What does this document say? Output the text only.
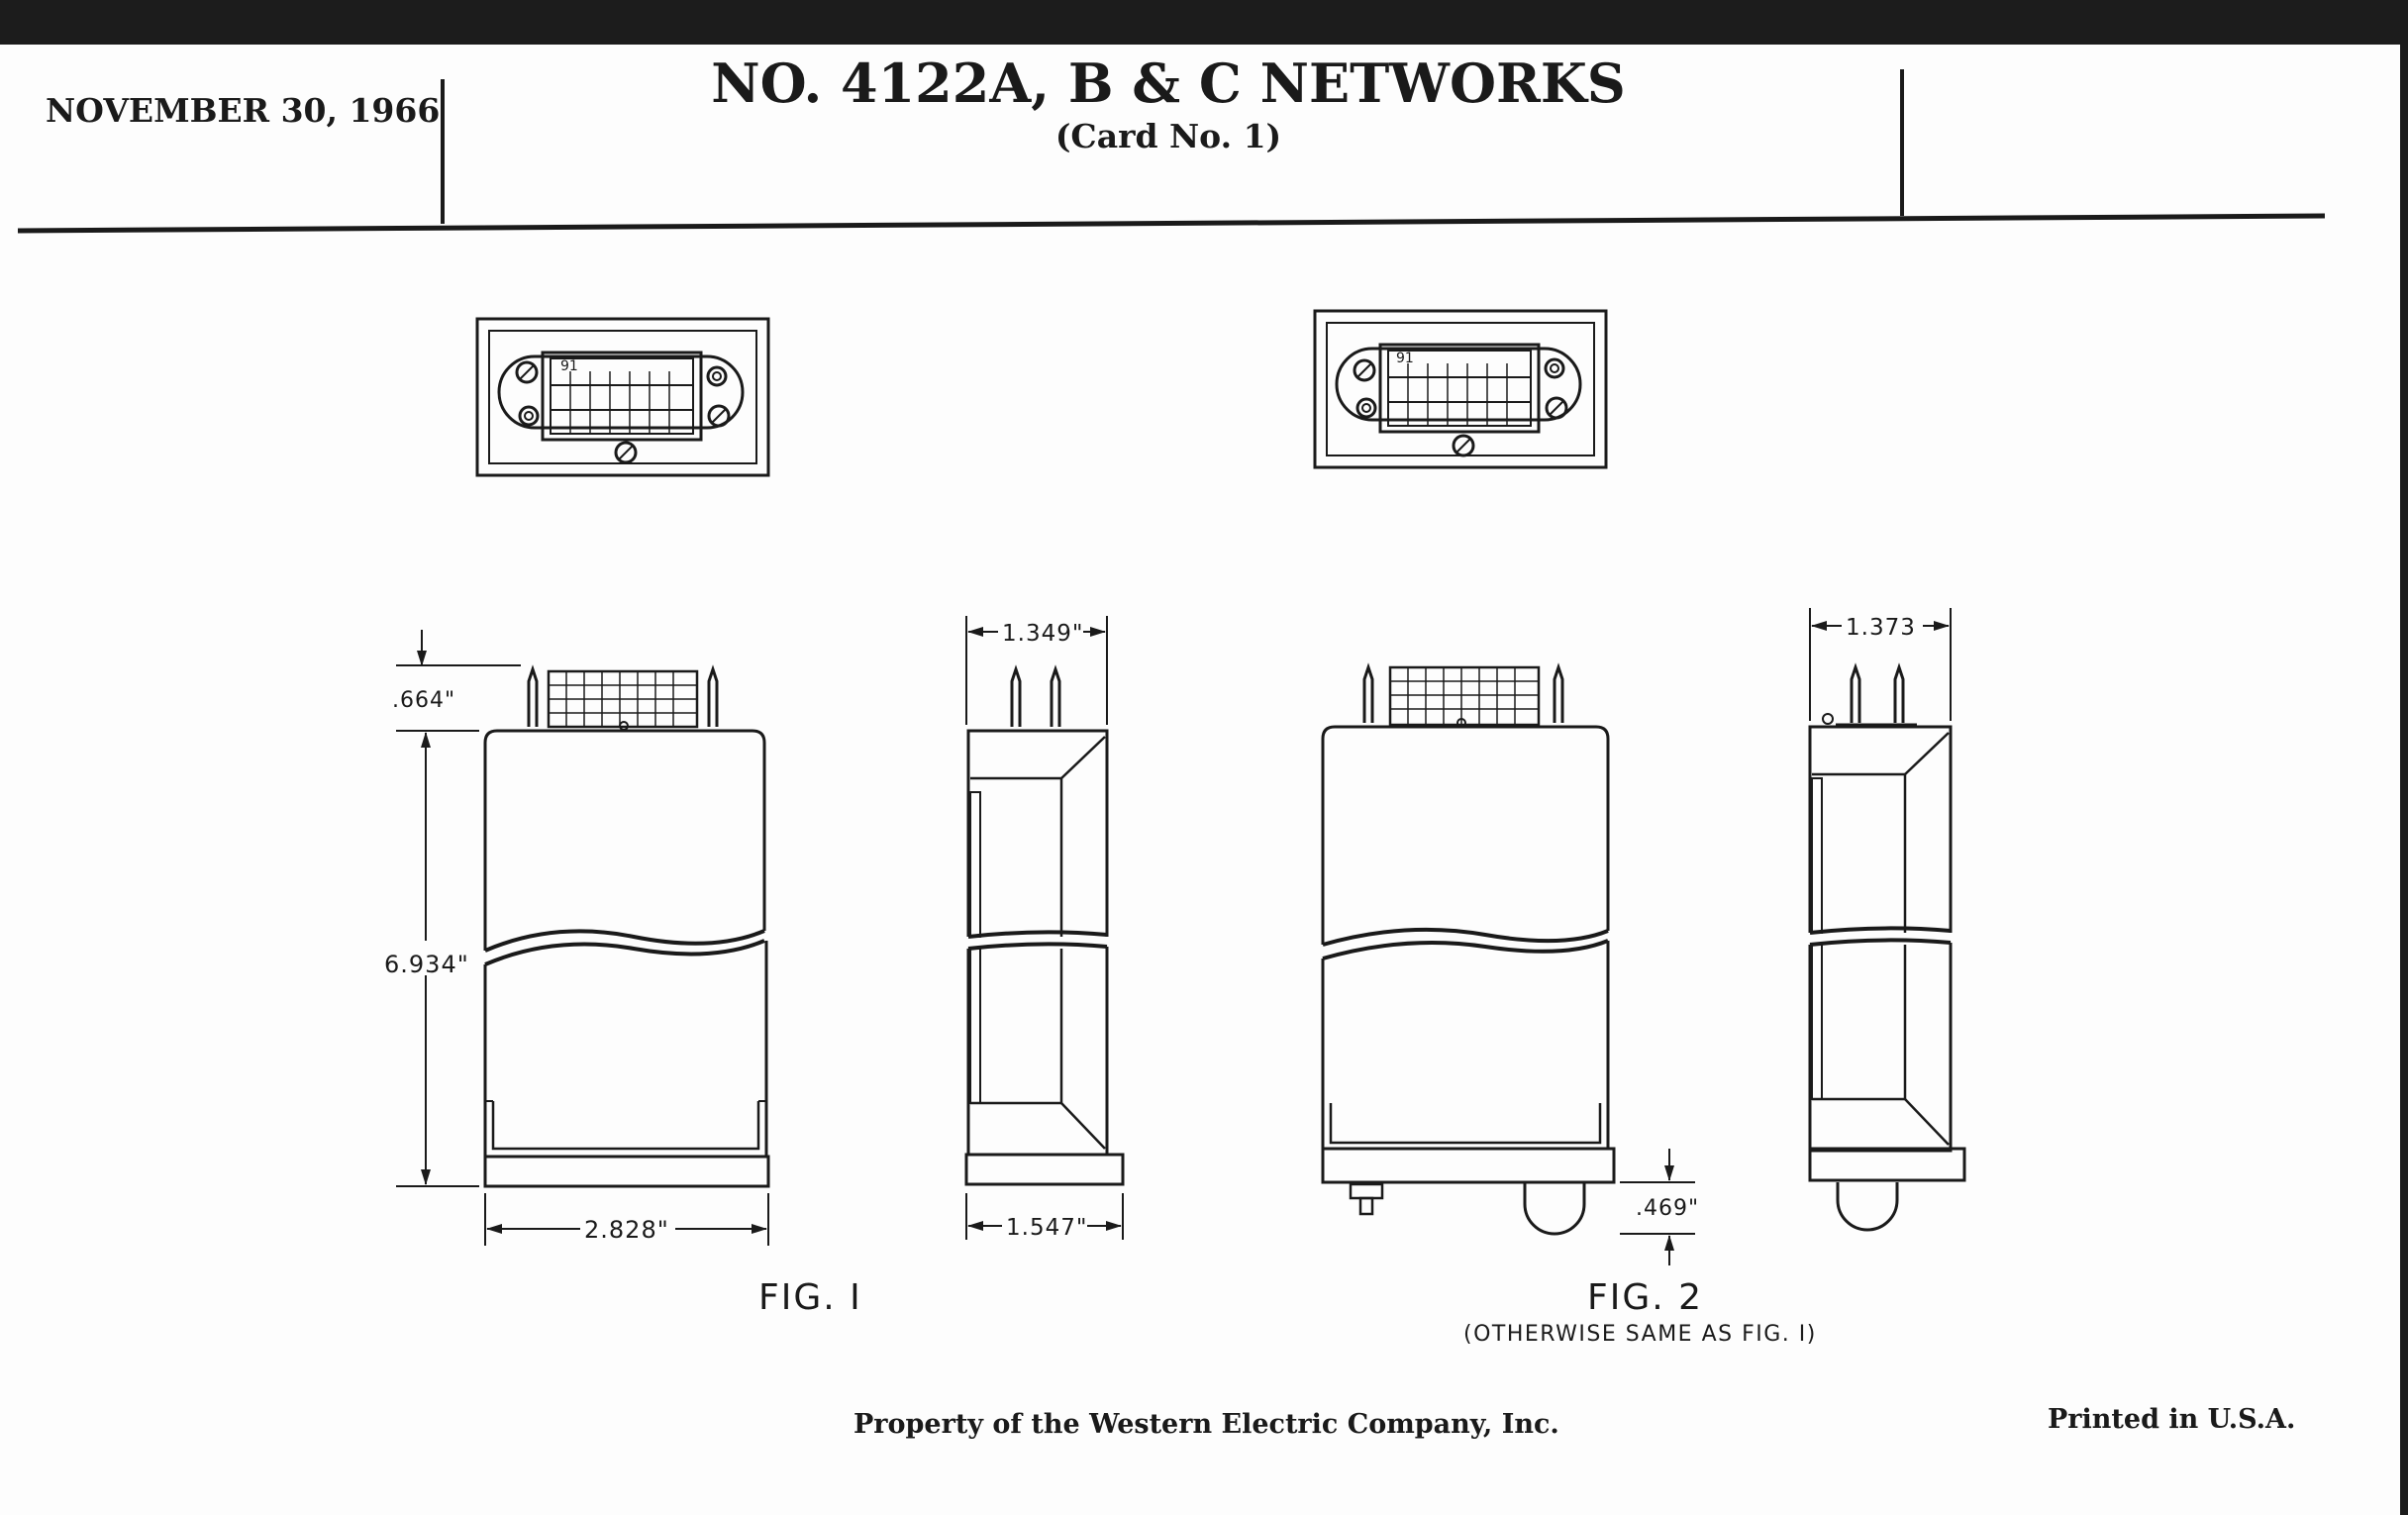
NOVEMBER 30, 1966	NO. 4122A, B & C NETWORKS
(Card No. 1)
.664"
6.934"
2.828"
1.349"
1.547"
1.373
.469"
91	91
FIG. I	FIG. 2
(OTHERWISE SAME AS FIG. I)
Property of the Western Electric Company, Inc.	Printed in U.S.A.
